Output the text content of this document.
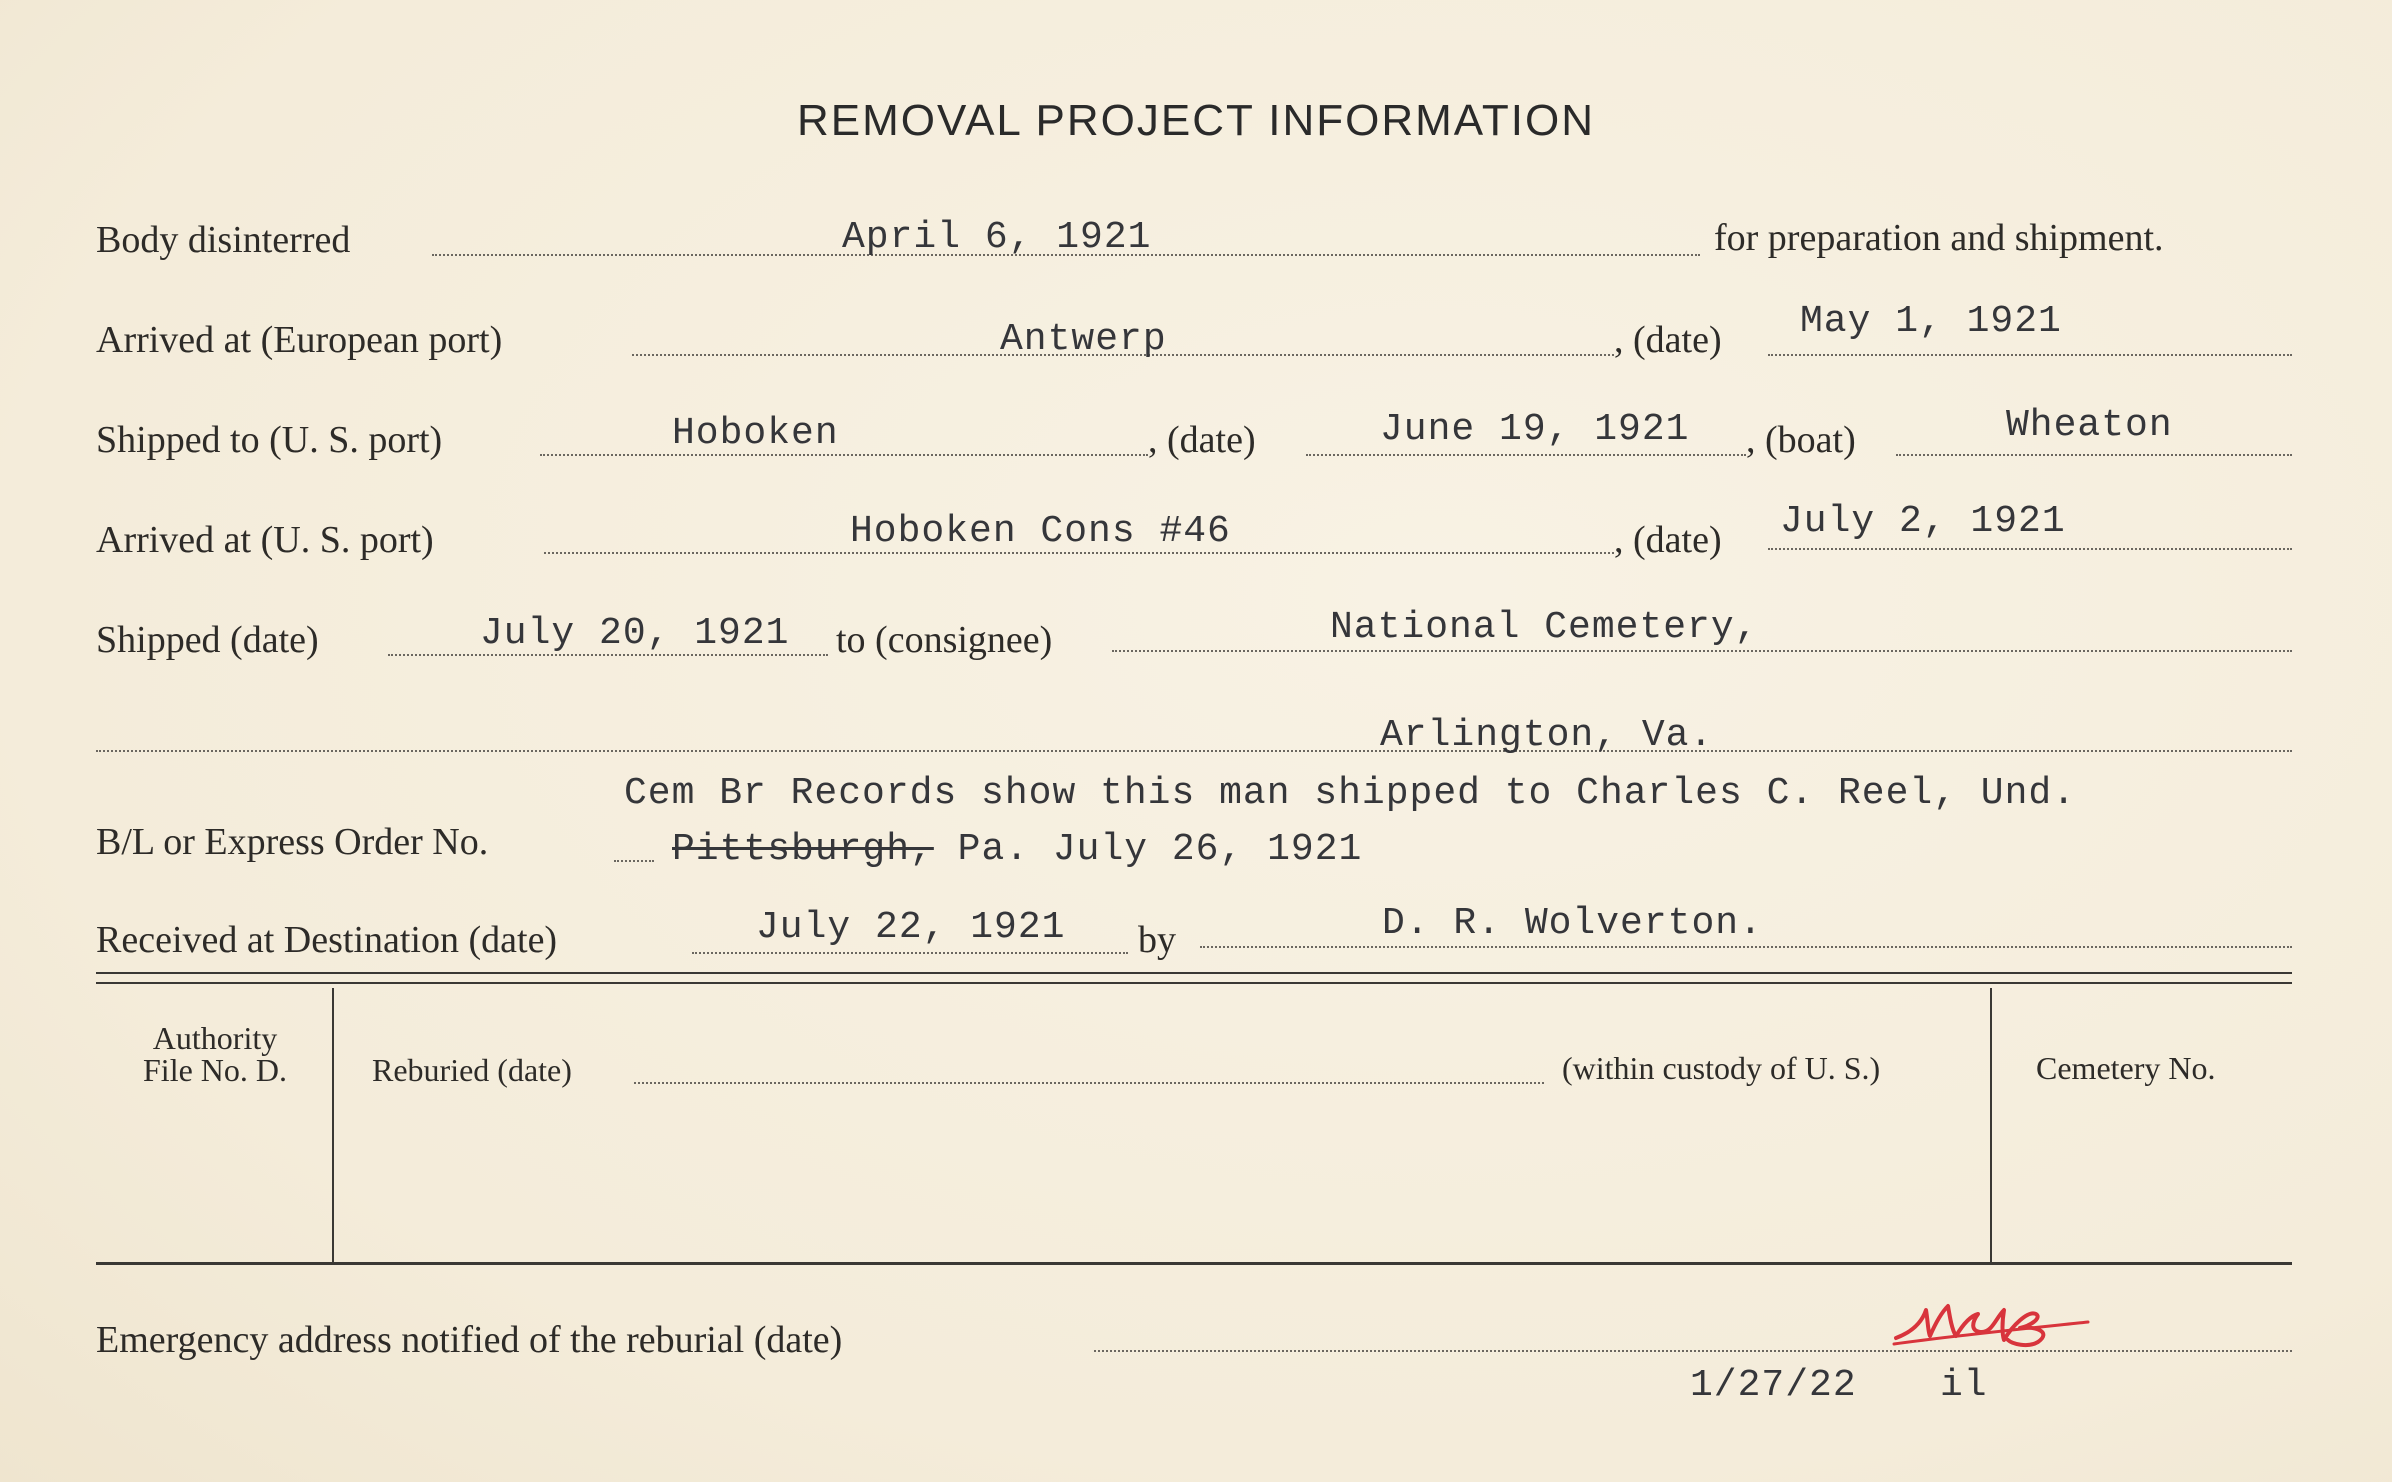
REMOVAL PROJECT INFORMATION
Body disinterred	April 6, 1921	for preparation and shipment.
Arrived at (European port)	Antwerp	, (date) May 1, 1921
Shipped to (U. S. port)	Hoboken	, (date)	June 19, 1921 , (boat)	Wheaton
Arrived at (U. S. port)	Hoboken Cons #46	, (date) July 2, 1921
Shipped (date)	July 20, 1921 to (consignee)	National Cemetery,
Arlington, Va.
Cem Br Records show this man shipped to Charles C. Reel, Und.
B/L or Express Order No.	Pittsburgh, Pa. July 26, 1921
Received at Destination (date)	July 22, 1921 by	D. R. Wolverton.
Authority
File No. D.	Reburied (date)	(within custody of U. S.)	Cemetery No.
Emergency address notified of the reburial (date)
1/27/22 il
